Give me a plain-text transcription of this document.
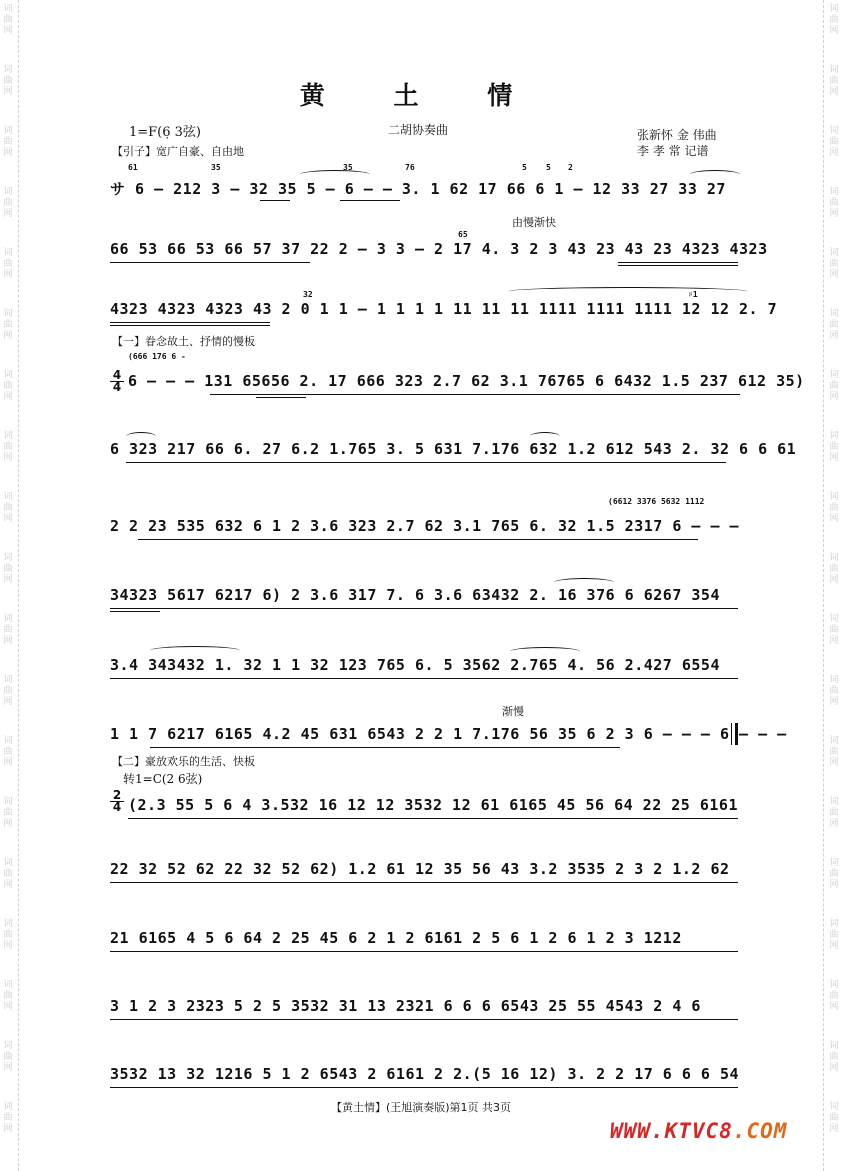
词
曲
网
词
曲
网
词
曲
网
词
曲
网
词
曲
网
词
曲
网
词
曲
网
词
曲
网
词
曲
网
词
曲
网
词
曲
网
词
曲
网
词
曲
网
词
曲
网
词
曲
网
词
曲
网
词
曲
网
词
曲
网
词
曲
网
词
曲
网
词
曲
网
词
曲
网
词
曲
网
词
曲
网
词
曲
网
词
曲
网
词
曲
网
词
曲
网
词
曲
网
词
曲
网
词
曲
网
词
曲
网
词
曲
网
词
曲
网
词
曲
网
词
曲
网
词
曲
网
词
曲
网
黄 土 情
1=F(6̣ 3弦)	二胡协奏曲	张新怀 金 伟曲
李 孝 常 记谱
【引子】宽广自豪、自由地
61	35	35	76	5 5 2
サ 6 – 212 3 – 32 35 5 – 6 – – 3. 1 62 17 66 6 1 – 12 33 27 33 27
由慢渐快
65
66 53 66 53 66 57 37 22 2 – 3 3 – 2 17 4. 3 2 3 43 23 43 23 4323 4323
32	♯1
4323 4323 4323 43 2 0 1 1 – 1 1 1 1 11 11 11 1111 1111 1111 12 12 2. 7
【一】眷念故土、抒情的慢板
(666 176 6 -
4
4 6 – – – 131 65656 2. 17 666 323 2.7 62 3.1 76765 6 6432 1.5 237 612 35)
6 323 217 66 6. 27 6.2 1.765 3. 5 631 7.176 632 1.2 612 543 2. 32 6 6 61
(6612 3376 5632 1112
2 2 23 535 632 6 1 2 3.6 323 2.7 62 3.1 765 6. 32 1.5 2317 6 – – –
34323 5617 6217 6) 2 3.6 317 7. 6 3.6 63432 2. 16 376 6 6267 354
3.4 343432 1. 32 1 1 32 123 765 6. 5 3562 2.765 4. 56 2.427 6554
渐慢
1 1 7 6217 6165 4.2 45 631 6543 2 2 1 7.176 56 35 6 2 3 6 – – – 6 – – –
【二】豪放欢乐的生活、快板
转1=C(2 6弦)
2
4 (2.3 55 5 6 4 3.532 16 12 12 3532 12 61 6165 45 56 64 22 25 6161
22 32 52 62 22 32 52 62) 1.2 61 12 35 56 43 3.2 3535 2 3 2 1.2 62
21 6165 4 5 6 64 2 25 45 6 2 1 2 6161 2 5 6 1 2 6 1 2 3 1212
3 1 2 3 2323 5 2 5 3532 31 13 2321 6 6 6 6543 25 55 4543 2 4 6
3532 13 32 1216 5 1 2 6543 2 6161 2 2.(5 16 12) 3. 2 2 17 6 6 6 54
【黄土情】(王旭演奏版)第1页 共3页
WWW.KTVC8.COM
